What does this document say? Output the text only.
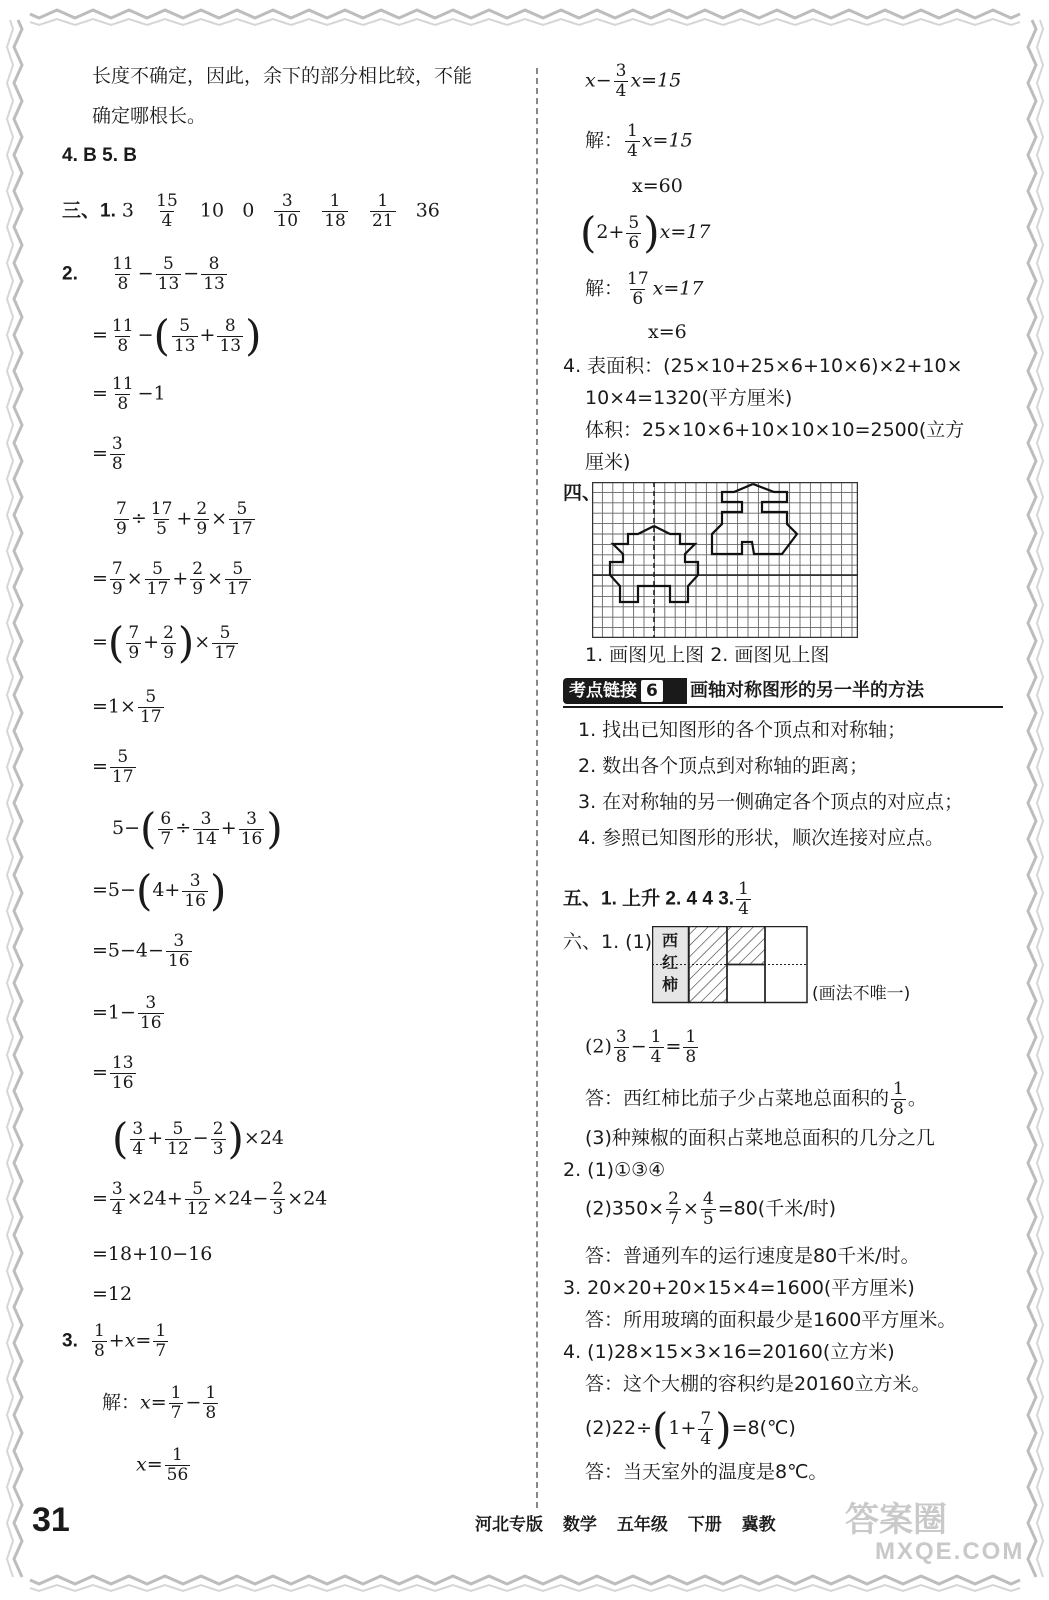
长度不确定，因此，余下的部分相比较，不能
确定哪根长。
4. B 5. B
三、1. $3 \frac{15}{4} 10$ $0 \frac{3}{10}$
$\frac{1}{18}$
$\frac{1}{21} 36$
2. $\frac{11}{8} - \frac{5}{13} - \frac{8}{13}$
= $\frac{11}{8}$ −( $\frac{5}{13} + \frac{8}{13}$ )
= $\frac{11}{8} -1$
= $\frac{3}{8}$
$\frac{7}{9} \div \frac{17}{5} + \frac{2}{9} \times \frac{5}{17}$
= $\frac{7}{9} \times \frac{5}{17} + \frac{2}{9} \times \frac{5}{17}$
=( $\frac{7}{9} + \frac{2}{9}$ )× $\frac{5}{17}$
$=1\times \frac{5}{17}$
= $\frac{5}{17}$
$5-( \frac{6}{7} \div \frac{3}{14} + \frac{3}{16}$ )
$=5-(4+ \frac{3}{16}$ )
$=5-4- \frac{3}{16}$
$=1- \frac{3}{16}$
= $\frac{13}{16}$
( $\frac{3}{4} + \frac{5}{12} - \frac{2}{3} )\times 24$
= $\frac{3}{4} \times 24+ \frac{5}{12} \times 24- \frac{2}{3} \times 24$
=18+10−16
=12
3. $\frac{1}{8} +x= \frac{1}{7}$
解：$x= \frac{1}{7} - \frac{1}{8}$
$x= \frac{1}{56}$
$x- \frac{3}{4} x=15$
解： $\frac{1}{4} x=15$
x=60
$(2+ \frac{5}{6} )x=17$
解： $\frac{17}{6} x=17$
x=6
4. 表面积：(25×10+25×6+10×6)×2+10×
10×4=1320(平方厘米)
体积：25×10×6+10×10×10=2500(立方
厘米)
四、
1. 画图见上图 2. 画图见上图
考点链接 6	画轴对称图形的另一半的方法
1. 找出已知图形的各个顶点和对称轴；
2. 数出各个顶点到对称轴的距离；
3. 在对称轴的另一侧确定各个顶点的对应点；
4. 参照已知图形的形状，顺次连接对应点。
五、1. 上升 2. 4 4 3. $\frac{1}{4}$
六、1. (1) 西红柿	(画法不唯一)
$(2) \frac{3}{8} - \frac{1}{4} = \frac{1}{8}$
答：西红柿比茄子少占菜地总面积的 $\frac{1}{8}$ 。
(3)种辣椒的面积占菜地总面积的几分之几
2. (1)①③④
$(2)350\times \frac{2}{7} \times \frac{4}{5} =80$(千米/时)
答：普通列车的运行速度是80千米/时。
3. 20×20+20×15×4=1600(平方厘米)
答：所用玻璃的面积最少是1600平方厘米。
4. (1)28×15×3×16=20160(立方米)
答：这个大棚的容积约是20160立方米。
$(2)22\div(1+ \frac{7}{4}$ )=8(℃)
答：当天室外的温度是8℃。
31	河北专版 数学 五年级 下册 冀教 答案圈
MXQE.COM
